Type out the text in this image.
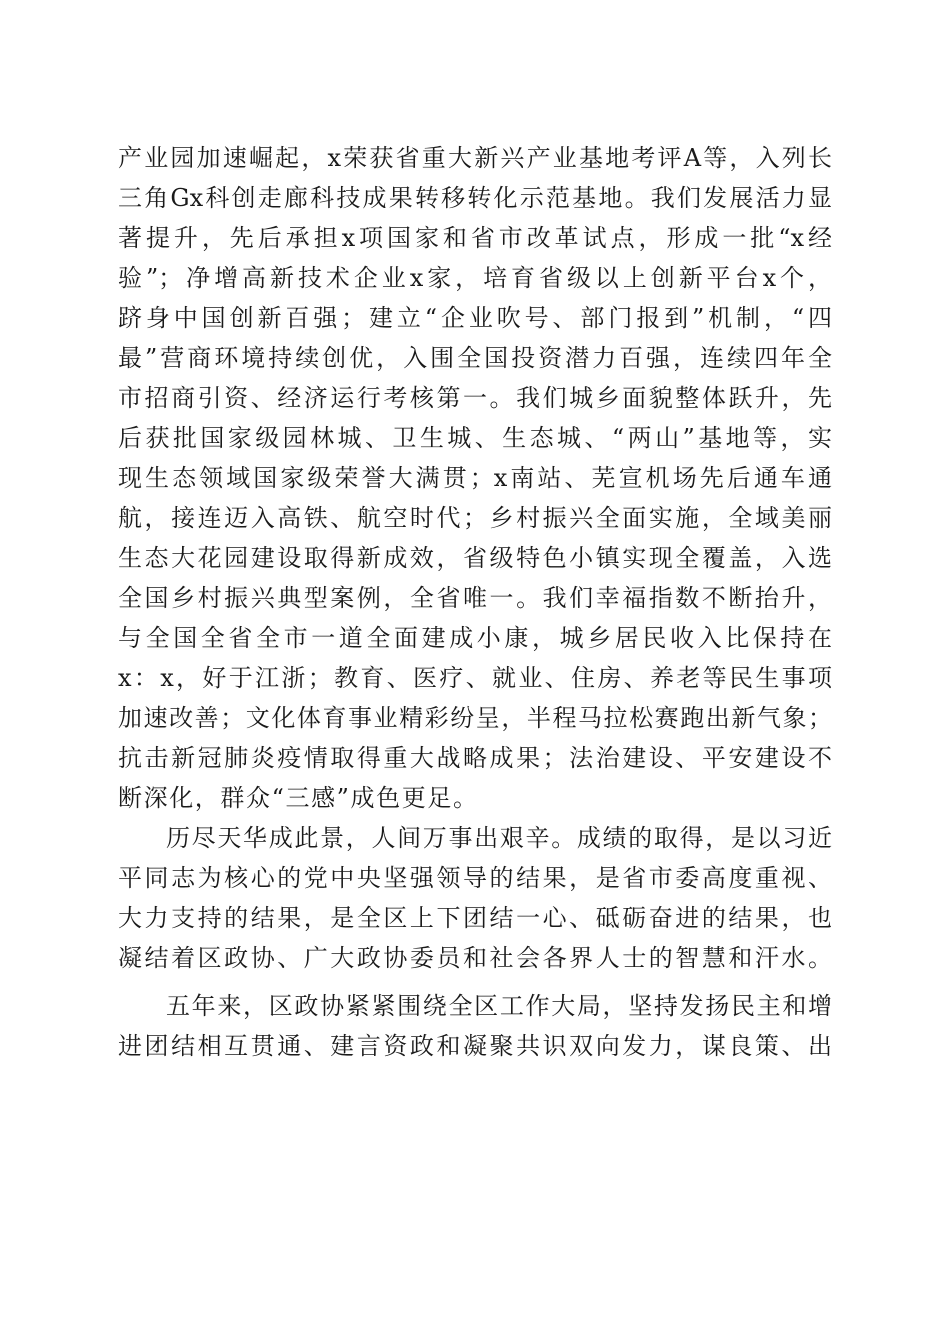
产业园加速崛起，x荣获省重大新兴产业基地考评A等，入列长

三角Gx科创走廊科技成果转移转化示范基地。我们发展活力显

著提升，先后承担x项国家和省市改革试点，形成一批“x经

验”；净增高新技术企业x家，培育省级以上创新平台x个，

跻身中国创新百强；建立“企业吹号、部门报到”机制，“四

最”营商环境持续创优，入围全国投资潜力百强，连续四年全

市招商引资、经济运行考核第一。我们城乡面貌整体跃升，先

后获批国家级园林城、卫生城、生态城、“两山”基地等，实

现生态领域国家级荣誉大满贯；x南站、芜宣机场先后通车通

航，接连迈入高铁、航空时代；乡村振兴全面实施，全域美丽

生态大花园建设取得新成效，省级特色小镇实现全覆盖，入选

全国乡村振兴典型案例，全省唯一。我们幸福指数不断抬升，

与全国全省全市一道全面建成小康，城乡居民收入比保持在

x：x，好于江浙；教育、医疗、就业、住房、养老等民生事项

加速改善；文化体育事业精彩纷呈，半程马拉松赛跑出新气象；

抗击新冠肺炎疫情取得重大战略成果；法治建设、平安建设不

断深化，群众“三感”成色更足。

历尽天华成此景，人间万事出艰辛。成绩的取得，是以习近

平同志为核心的党中央坚强领导的结果，是省市委高度重视、

大力支持的结果，是全区上下团结一心、砥砺奋进的结果，也

凝结着区政协、广大政协委员和社会各界人士的智慧和汗水。

五年来，区政协紧紧围绕全区工作大局，坚持发扬民主和增

进团结相互贯通、建言资政和凝聚共识双向发力，谋良策、出
